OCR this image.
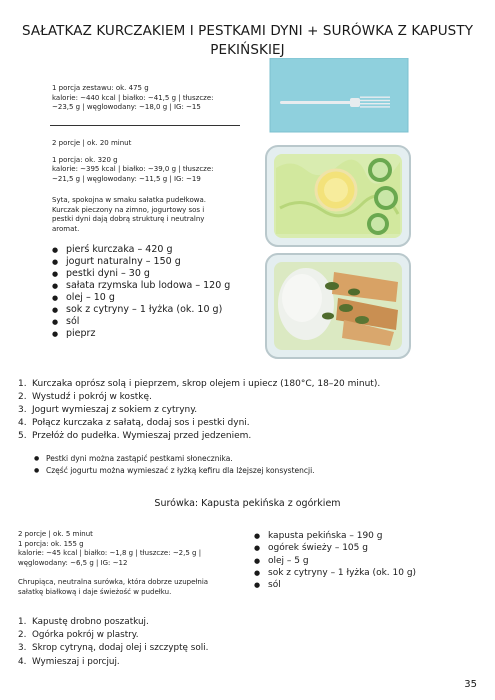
SAŁATKAZ KURCZAKIEM I PESTKAMI DYNI + SURÓWKA Z KAPUSTY
PEKIŃSKIEJ
1 porcja zestawu: ok. 475 g
kalorie: ~440 kcal | białko: ~41,5 g | tłuszcze:
~23,5 g | węglowodany: ~18,0 g | IG: ~15
2 porcje | ok. 20 minut
1 porcja: ok. 320 g
kalorie: ~395 kcal | białko: ~39,0 g | tłuszcze:
~21,5 g | węglowodany: ~11,5 g | IG: ~19
Syta, spokojna w smaku sałatka pudełkowa.
Kurczak pieczony na zimno, jogurtowy sos i
pestki dyni dają dobrą strukturę i neutralny
aromat.
● pierś kurczaka – 420 g
● jogurt naturalny – 150 g
● pestki dyni – 30 g
● sałata rzymska lub lodowa – 120 g
● olej – 10 g
● sok z cytryny – 1 łyżka (ok. 10 g)
● sól
● pieprz
1. Kurczaka oprósz solą i pieprzem, skrop olejem i upiecz (180°C, 18–20 minut).
2. Wystudź i pokrój w kostkę.
3. Jogurt wymieszaj z sokiem z cytryny.
4. Połącz kurczaka z sałatą, dodaj sos i pestki dyni.
5. Przełóż do pudełka. Wymieszaj przed jedzeniem.
● Pestki dyni można zastąpić pestkami słonecznika.
● Część jogurtu można wymieszać z łyżką kefiru dla lżejszej konsystencji.
Surówka: Kapusta pekińska z ogórkiem
2 porcje | ok. 5 minut
1 porcja: ok. 155 g
kalorie: ~45 kcal | białko: ~1,8 g | tłuszcze: ~2,5 g |
węglowodany: ~6,5 g | IG: ~12
Chrupiąca, neutralna surówka, która dobrze uzupełnia
sałatkę białkową i daje świeżość w pudełku.
● kapusta pekińska – 190 g
● ogórek świeży – 105 g
● olej – 5 g
● sok z cytryny – 1 łyżka (ok. 10 g)
● sól
1. Kapustę drobno poszatkuj.
2. Ogórka pokrój w plastry.
3. Skrop cytryną, dodaj olej i szczyptę soli.
4. Wymieszaj i porcjuj.
35
